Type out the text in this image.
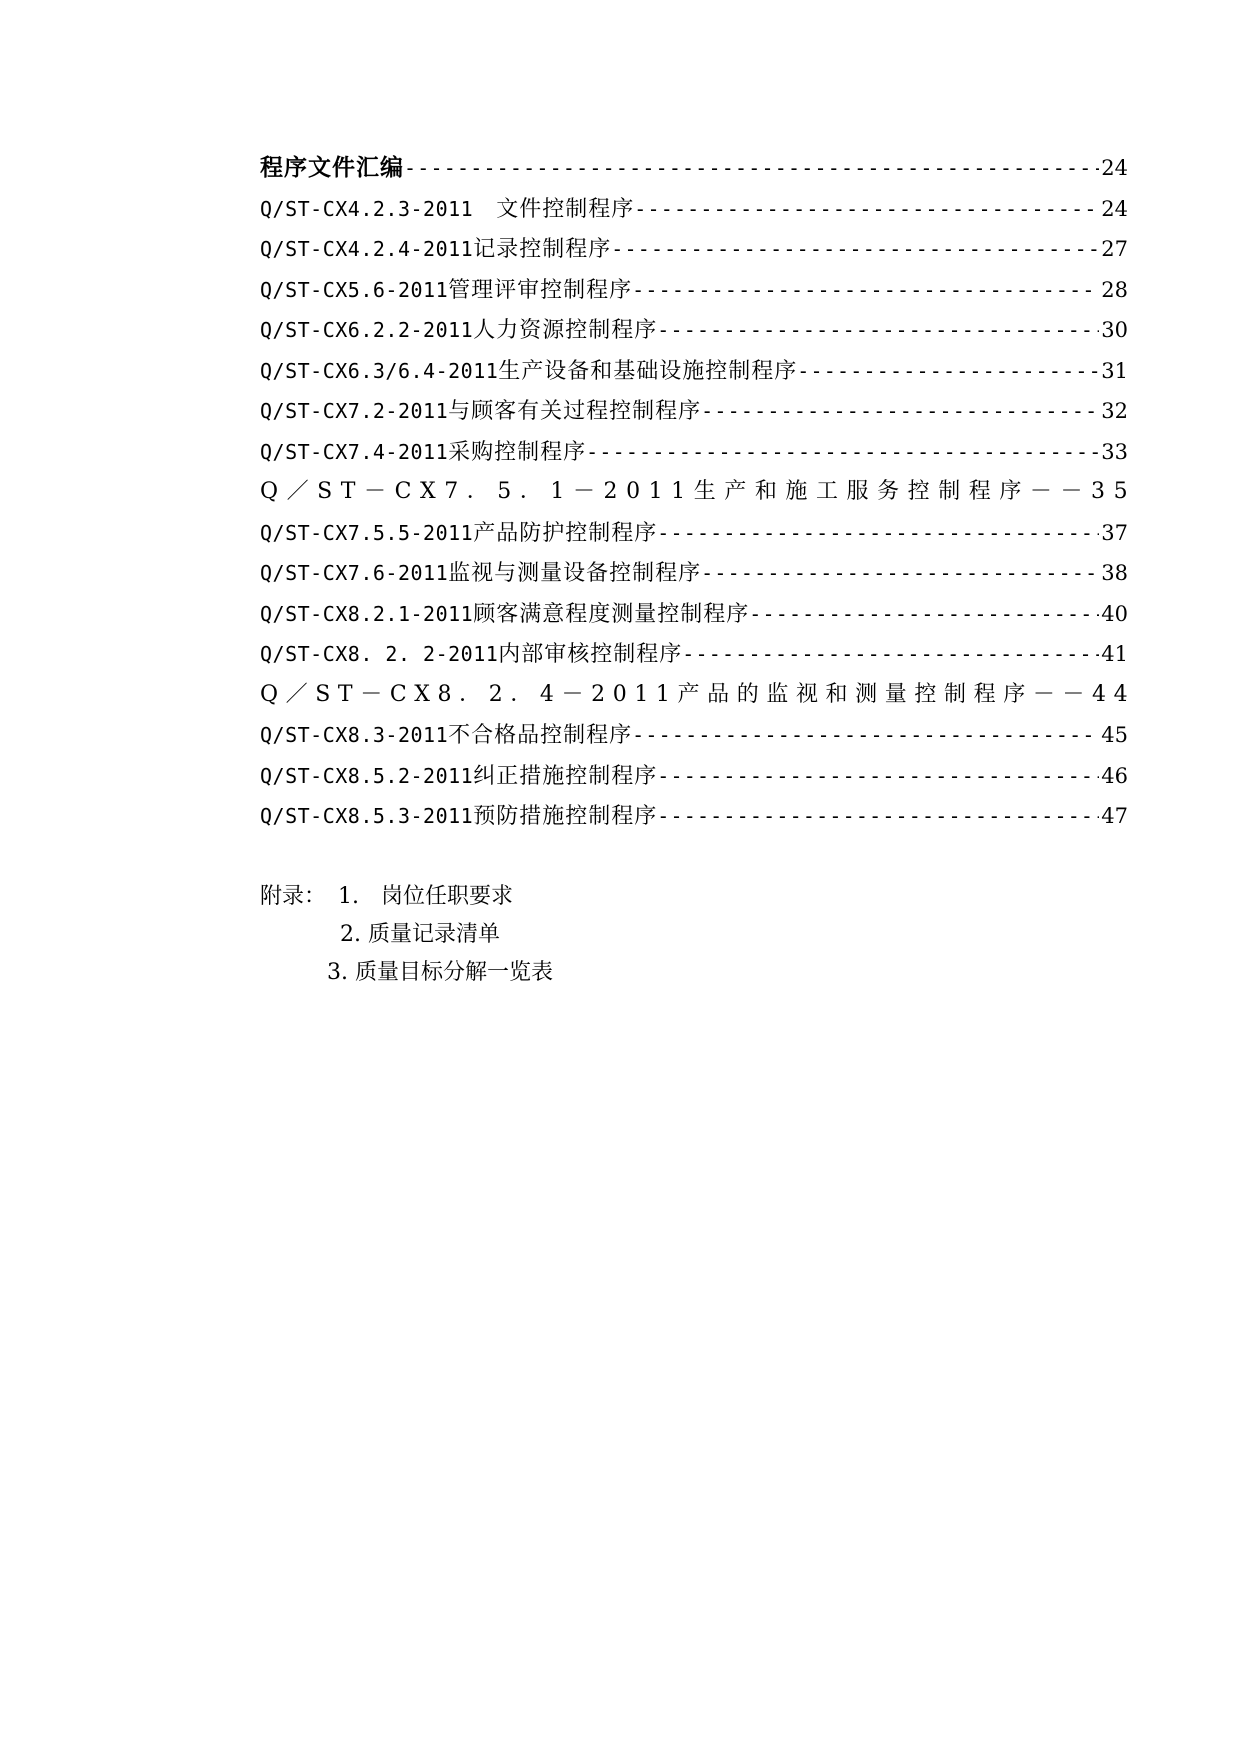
程序文件汇编 -----	24
Q/ST-CX4.2.3-2011 　文件控制程序 -----	24
Q/ST-CX4.2.4-2011 记录控制程序 -----	27
Q/ST-CX5.6-2011 管理评审控制程序 -----	28
Q/ST-CX6.2.2-2011 人力资源控制程序 -----	30
Q/ST-CX6.3/6.4-2011 生产设备和基础设施控制程序 -----	31
Q/ST-CX7.2-2011 与顾客有关过程控制程序 -----	32
Q/ST-CX7.4-2011 采购控制程序 -----	33
Q ／ S T － C X 7 ． 5 ． 1 － 2 0 1 1 生 产 和 施 工 服 务 控 制 程 序 － － 3 5
Q/ST-CX7.5.5-2011 产品防护控制程序 -----	37
Q/ST-CX7.6-2011 监视与测量设备控制程序 -----	38
Q/ST-CX8.2.1-2011 顾客满意程度测量控制程序 -----	40
Q/ST-CX8. 2. 2-2011 内部审核控制程序 -----	41
Q ／ S T － C X 8 ． 2 ． 4 － 2 0 1 1 产 品 的 监 视 和 测 量 控 制 程 序 － － 4 4
Q/ST-CX8.3-2011 不合格品控制程序 -----	45
Q/ST-CX8.5.2-2011 纠正措施控制程序 -----	46
Q/ST-CX8.5.3-2011 预防措施控制程序 -----	47
附录： 1.　岗位任职要求
2. 质量记录清单
3. 质量目标分解一览表
